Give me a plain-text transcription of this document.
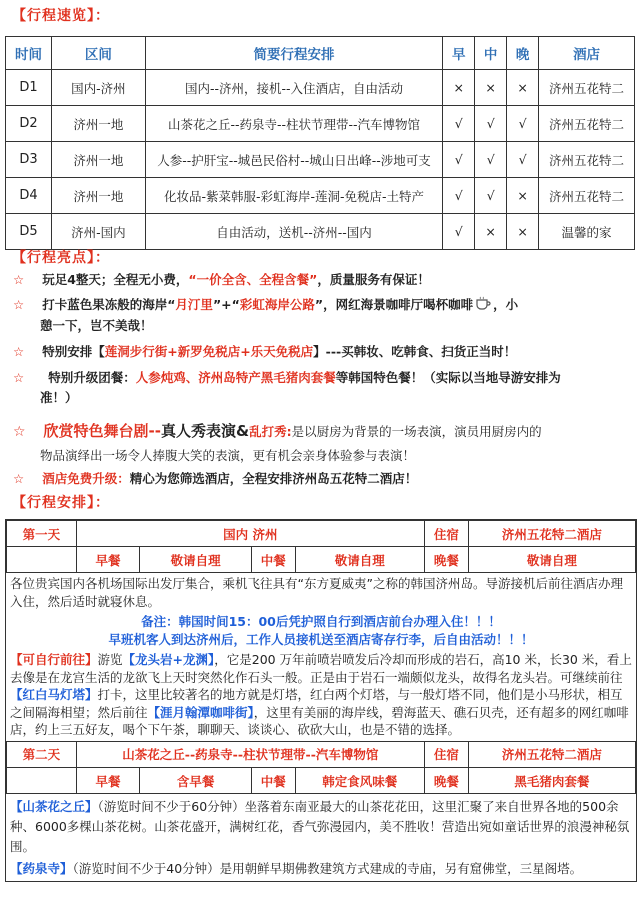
【行程速览】：
时间	区间	简要行程安排	早	中	晚	酒店
D1	国内-济州	国内--济州，接机--入住酒店，自由活动	×	×	×	济州五花特二
D2	济州一地	山茶花之丘--药泉寺--柱状节理带--汽车博物馆	√	√	√	济州五花特二
D3	济州一地	人参--护肝宝--城邑民俗村--城山日出峰--涉地可支	√	√	√	济州五花特二
D4	济州一地	化妆品-紫菜韩服-彩虹海岸-莲洞-免税店-土特产	√	√	×	济州五花特二
D5	济州-国内	自由活动，送机--济州--国内	√	×	×	温馨的家
【行程亮点】：
☆ 玩足4整天；全程无小费，“一价全含、全程含餐”，质量服务有保证！
☆ 打卡蓝色果冻般的海岸“月汀里”+“彩虹海岸公路”，网红海景咖啡厅喝杯咖啡 ，小
憩一下，岂不美哉！
☆ 特别安排【莲洞步行街+新罗免税店+乐天免税店】---买韩妆、吃韩食、扫货正当时！
☆ 特别升级团餐：人参炖鸡、济州岛特产黑毛猪肉套餐等韩国特色餐！（实际以当地导游安排为
准！）
☆ 欣赏特色舞台剧--真人秀表演&乱打秀:是以厨房为背景的一场表演，演员用厨房内的
物品演绎出一场令人捧腹大笑的表演，更有机会亲身体验参与表演！
☆ 酒店免费升级：精心为您筛选酒店，全程安排济州岛五花特二酒店！
【行程安排】：
第一天	国内 济州				住宿	济州五花特二酒店
	早餐	敬请自理	中餐	敬请自理	晚餐	敬请自理
各位贵宾国内各机场国际出发厅集合，乘机飞往具有“东方夏威夷”之称的韩国济州岛。导游接机后前往酒店办理入住，然后适时就寝休息。
备注：韩国时间15：00后凭护照自行到酒店前台办理入住！！！
早班机客人到达济州后，工作人员接机送至酒店寄存行李，后自由活动！！！
【可自行前往】游览【龙头岩+龙渊】，它是200 万年前喷岩喷发后冷却而形成的岩石，高10 米，长30 米，看上去像是在龙宫生活的龙欲飞上天时突然化作石头一般。正是由于岩石一端颇似龙头，故得名龙头岩。可继续前往【红白马灯塔】打卡，这里比较著名的地方就是灯塔，红白两个灯塔，与一般灯塔不同，他们是小马形状，相互之间隔海相望；然后前往【涯月翰潭咖啡街】，这里有美丽的海岸线，碧海蓝天、礁石贝壳，还有超多的网红咖啡店，约上三五好友，喝个下午茶，聊聊天、谈谈心、砍砍大山，也是不错的选择。
第二天	山茶花之丘--药泉寺--柱状节理带--汽车博物馆				住宿	济州五花特二酒店
	早餐	含早餐	中餐	韩定食风味餐	晚餐	黑毛猪肉套餐
【山茶花之丘】（游览时间不少于60分钟）坐落着东南亚最大的山茶花花田，这里汇聚了来自世界各地的500余种、6000多棵山茶花树。山茶花盛开，满树红花，香气弥漫园内，美不胜收！营造出宛如童话世界的浪漫神秘氛围。
【药泉寺】（游览时间不少于40分钟）是用朝鲜早期佛教建筑方式建成的寺庙，另有窟佛堂，三星阁塔。
